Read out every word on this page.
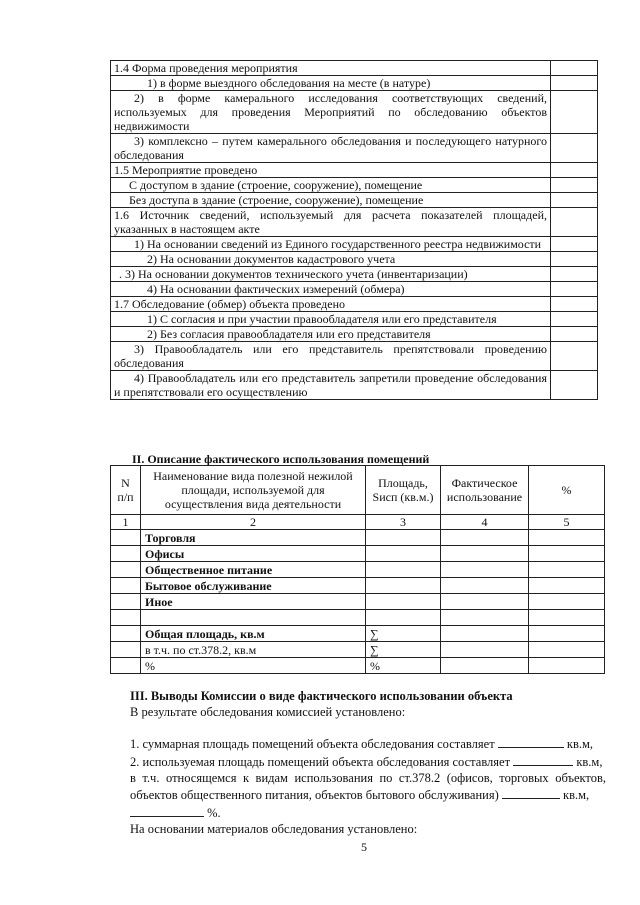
1.4 Форма проведения мероприятия	
1) в форме выездного обследования на месте (в натуре)	
2) в форме камерального исследования соответствующих сведений, используемых для проведения Мероприятий по обследованию объектов недвижимости	
3) комплексно – путем камерального обследования и последующего натурного обследования	
1.5 Мероприятие проведено	
С доступом в здание (строение, сооружение), помещение	
Без доступа в здание (строение, сооружение), помещение	
1.6 Источник сведений, используемый для расчета показателей площадей, указанных в настоящем акте	
1) На основании сведений из Единого государственного реестра недвижимости	
2) На основании документов кадастрового учета	
. 3) На основании документов технического учета (инвентаризации)	
4) На основании фактических измерений (обмера)	
1.7 Обследование (обмер) объекта проведено	
1) С согласия и при участии правообладателя или его представителя	
2) Без согласия правообладателя или его представителя	
3) Правообладатель или его представитель препятствовали проведению обследования	
4) Правообладатель или его представитель запретили проведение обследования и препятствовали его осуществлению	
II. Описание фактического использования помещений
N п/п	Наименование вида полезной нежилой площади, используемой для осуществления вида деятельности	Площадь, Sисп (кв.м.)	Фактическое использование	%
1	2	3	4	5
	Торговля			
	Офисы			
	Общественное питание			
	Бытовое обслуживание			
	Иное			

	Общая площадь, кв.м	∑		
	в т.ч. по ст.378.2, кв.м	∑		
	%	%		
III. Выводы Комиссии о виде фактического использовании объекта
В результате обследования комиссией установлено:
1. суммарная площадь помещений объекта обследования составляет	кв.м,
2. используемая площадь помещений объекта обследования составляет	кв.м,
в т.ч. относящемся к видам использования по ст.378.2 (офисов, торговых объектов, объектов общественного питания, объектов бытового обслуживания)	кв.м,
%.
На основании материалов обследования установлено:
5
